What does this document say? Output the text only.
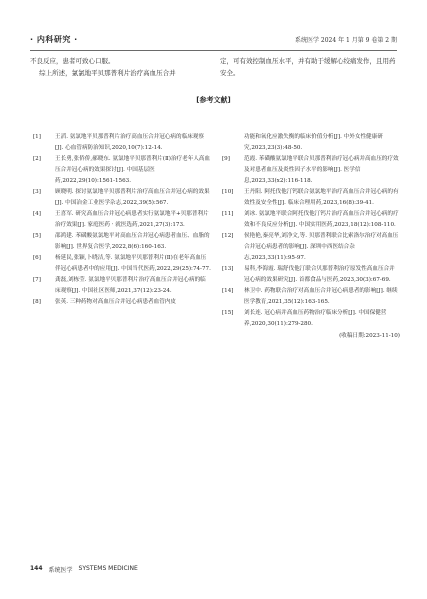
· 内科研究 ·	系统医学 2024 年 1 月第 9 卷第 2 期
不良反应，患者可致心口服。
综上所述，氯氯地平贝那普利片治疗高血压合并
定，可有效控制血压水平，并有助于缓解心绞痛发作，且用药安全。
[参考文献]
[1]	王滔. 氨氯地平贝那普利片治疗高血压合并冠心病的临床观察[J]. 心血管病防治知识,2020,10(7):12-14.
[2]	王长勇,张侨侨,郝晓东. 氨氯地平贝那普利片(Ⅱ)治疗老年人高血压合并冠心病的效果探讨[J]. 中国基层医药,2022,29(10):1561-1563.
[3]	顾晓明. 探讨氨氯地平贝那普利片治疗高血压合并冠心病的效果[J]. 中国冶金工业医学杂志,2022,39(5):567.
[4]	王喜军. 研究高血压合并冠心病患者实行氨氯地平+贝那普利片治疗效果[J]. 家庭医药 · 就医选药,2021,27(3):173.
[5]	邵鸿建. 苯磺酸氨氯地平对高血压合并冠心病患者血压、血脂的影响[J]. 世界复合医学,2022,8(6):160-163.
[6]	杨延民,张颖,卜晓洁,等. 氨氯地平贝那普利片(Ⅱ)在老年高血压伴冠心病患者中的应用[J]. 中国当代医药,2022,29(25):74-77.
[7]	龚磊,刘栋莹. 氨氯地平贝那普利片治疗高血压合并冠心病的临床观察[J]. 中国社区医师,2021,37(12):23-24.
[8]	张英. 三种药物对高血压合并冠心病患者血管内皮
功能和氧化应激失衡的临床价值分析[J]. 中外女性健康研究,2023,23(3):48-50.
[9]	范霞. 苯磺酸氨氯地平联合贝那普利治疗冠心病并高血压的疗效及对患者血压及炎性因子水平的影响[J]. 医学信息,2023,33(x2):116-118.
[10]	王丹阳. 阿托伐他汀钙联合氨氯地平治疗高血压合并冠心病的有效性及安全性[J]. 临床合理用药,2023,16(8):39-41.
[11]	刘冰. 氨氯地平联合阿托伐他汀钙片治疗高血压合并冠心病的疗效和不良反应分析[J]. 中国实用医药,2023,18(12):108-110.
[12]	侯艳艳,秦亮华,刘净文,等. 贝那普利联合比索洛尔治疗对高血压合并冠心病患者的影响[J]. 深圳中西医结合杂志,2023,33(11):95-97.
[13]	易科,李海霞. 瑞舒伐他汀联合贝那普利治疗原发性高血压合并冠心病的效果研究[J]. 首都食品与医药,2023,30(3):67-69.
[14]	林卫中. 药物联合治疗对高血压合并冠心病患者的影响[J]. 继续医学教育,2021,35(12):163-165.
[15]	刘长连. 冠心病并高血压药物治疗临床分析[J]. 中国保健营养,2020,30(11):279-280.
(收稿日期:2023-11-10)
144 系统医学 SYSTEMS MEDICINE
